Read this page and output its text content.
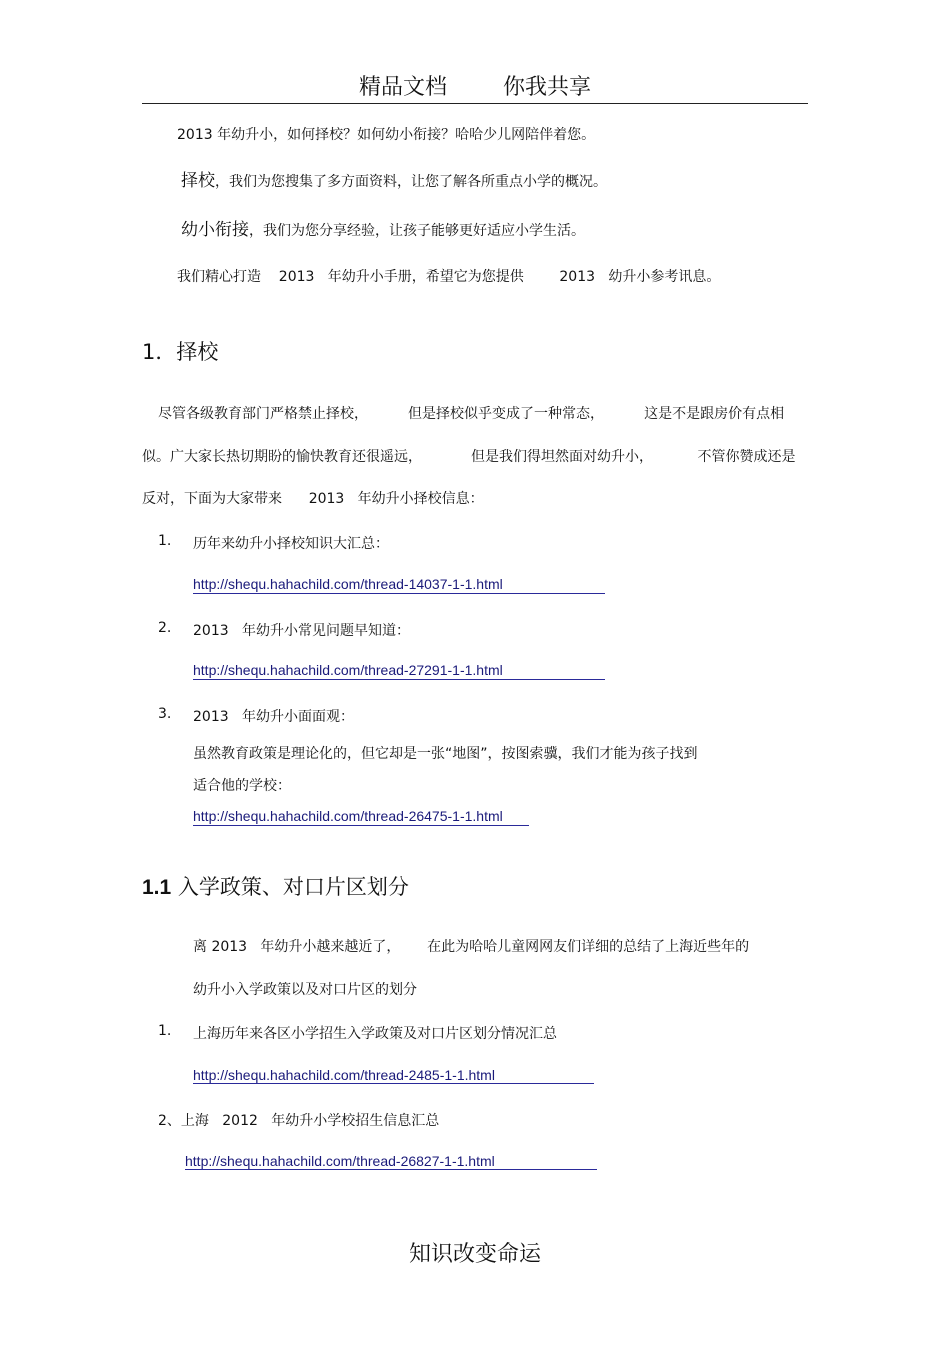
精品文档	你我共享
2013 年幼升小，如何择校？如何幼小衔接？哈哈少儿网陪伴着您。
择校，我们为您搜集了多方面资料，让您了解各所重点小学的概况。
幼小衔接，我们为您分享经验，让孩子能够更好适应小学生活。
我们精心打造    2013   年幼升小手册，希望它为您提供        2013   幼升小参考讯息。
1．择校
尽管各级教育部门严格禁止择校，         但是择校似乎变成了一种常态，         这是不是跟房价有点相
似。广大家长热切期盼的愉快教育还很遥远，           但是我们得坦然面对幼升小，          不管你赞成还是
反对，下面为大家带来      2013   年幼升小择校信息：
1. 历年来幼升小择校知识大汇总：
http://shequ.hahachild.com/thread-14037-1-1.html
2. 2013   年幼升小常见问题早知道：
http://shequ.hahachild.com/thread-27291-1-1.html
3. 2013   年幼升小面面观：
虽然教育政策是理论化的，但它却是一张“地图”，按图索骥，我们才能为孩子找到
适合他的学校：
http://shequ.hahachild.com/thread-26475-1-1.html
1.1 入学政策、对口片区划分
离 2013   年幼升小越来越近了，      在此为哈哈儿童网网友们详细的总结了上海近些年的
幼升小入学政策以及对口片区的划分
1. 上海历年来各区小学招生入学政策及对口片区划分情况汇总
http://shequ.hahachild.com/thread-2485-1-1.html
2、上海   2012   年幼升小学校招生信息汇总
http://shequ.hahachild.com/thread-26827-1-1.html
知识改变命运
